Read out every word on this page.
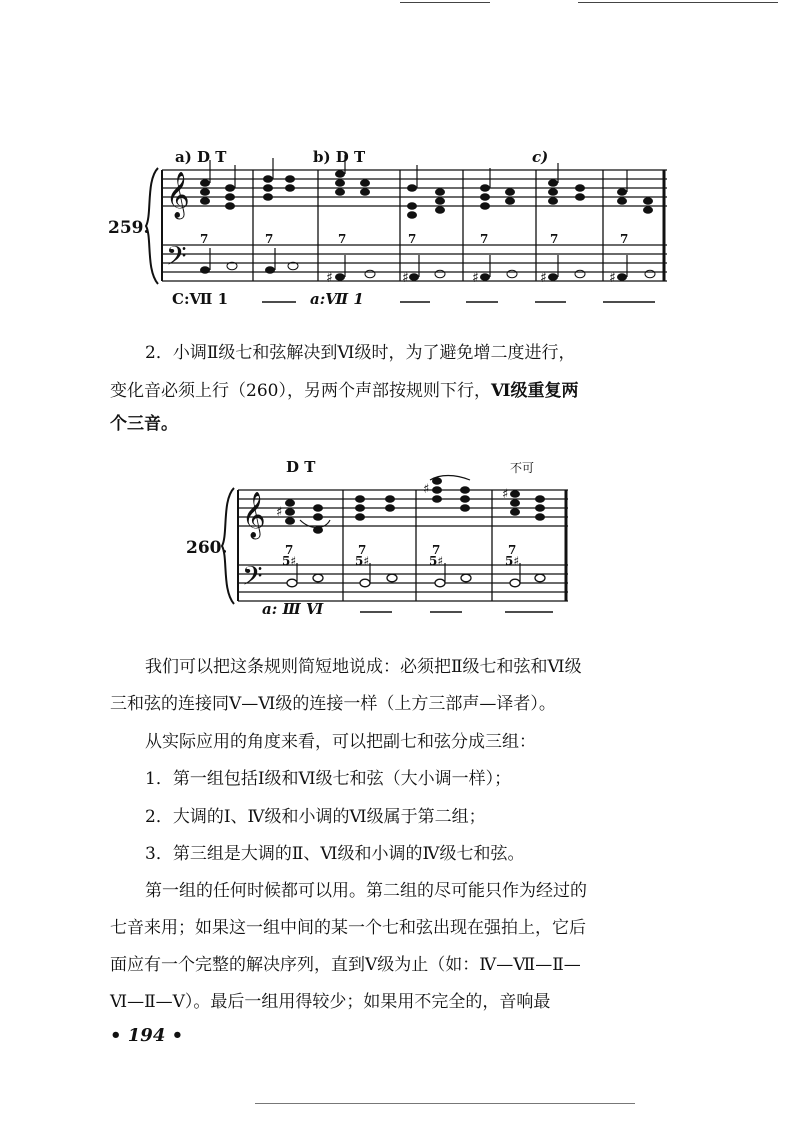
𝄞
𝄢	♯	♯	♯	♯	♯
7	7	7	7	7	7	7
a) D T	b) D T	c)
259.
C:Ⅶ 1	a:Ⅶ 1
2．小调Ⅱ级七和弦解决到Ⅵ级时，为了避免增二度进行，
变化音必须上行（260），另两个声部按规则下行，Ⅵ级重复两
个三音。
𝄞
𝄢
♯
♯	♯
7
5♯
7
5♯
7
5♯
7
5♯
D T	不可
260.
a: Ⅲ Ⅵ
我们可以把这条规则简短地说成：必须把Ⅱ级七和弦和Ⅵ级
三和弦的连接同Ⅴ—Ⅵ级的连接一样（上方三部声—译者）。
从实际应用的角度来看，可以把副七和弦分成三组：
1．第一组包括Ⅰ级和Ⅵ级七和弦（大小调一样）；
2．大调的Ⅰ、Ⅳ级和小调的Ⅵ级属于第二组；
3．第三组是大调的Ⅱ、Ⅵ级和小调的Ⅳ级七和弦。
第一组的任何时候都可以用。第二组的尽可能只作为经过的
七音来用；如果这一组中间的某一个七和弦出现在强拍上，它后
面应有一个完整的解决序列，直到Ⅴ级为止（如：Ⅳ—Ⅶ—Ⅱ—
Ⅵ—Ⅱ—Ⅴ）。最后一组用得较少；如果用不完全的，音响最
• 194 •
